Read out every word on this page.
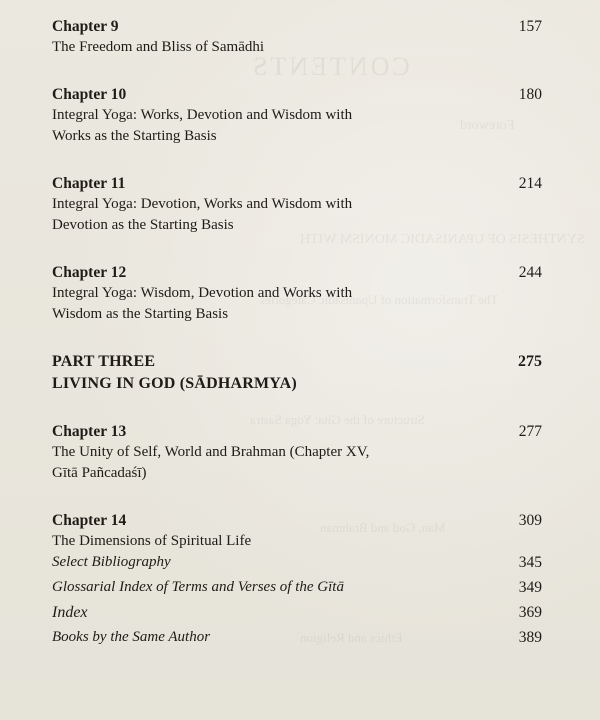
CONTENTS
Foreword
SYNTHESIS OF UPANISADIC MONISM WITH
The Transformation of Upanisadic Categories
Structure of the Gita: Yoga Sastra
Man, God and Brahman
Ethics and Religion
Chapter 9	157
The Freedom and Bliss of Samādhi
Chapter 10	180
Integral Yoga: Works, Devotion and Wisdom with
Works as the Starting Basis
Chapter 11	214
Integral Yoga: Devotion, Works and Wisdom with
Devotion as the Starting Basis
Chapter 12	244
Integral Yoga: Wisdom, Devotion and Works with
Wisdom as the Starting Basis
PART THREE	275
LIVING IN GOD (SĀDHARMYA)
Chapter 13	277
The Unity of Self, World and Brahman (Chapter XV,
Gītā Pañcadaśī)
Chapter 14	309
The Dimensions of Spiritual Life
Select Bibliography	345
Glossarial Index of Terms and Verses of the Gītā	349
Index	369
Books by the Same Author	389
